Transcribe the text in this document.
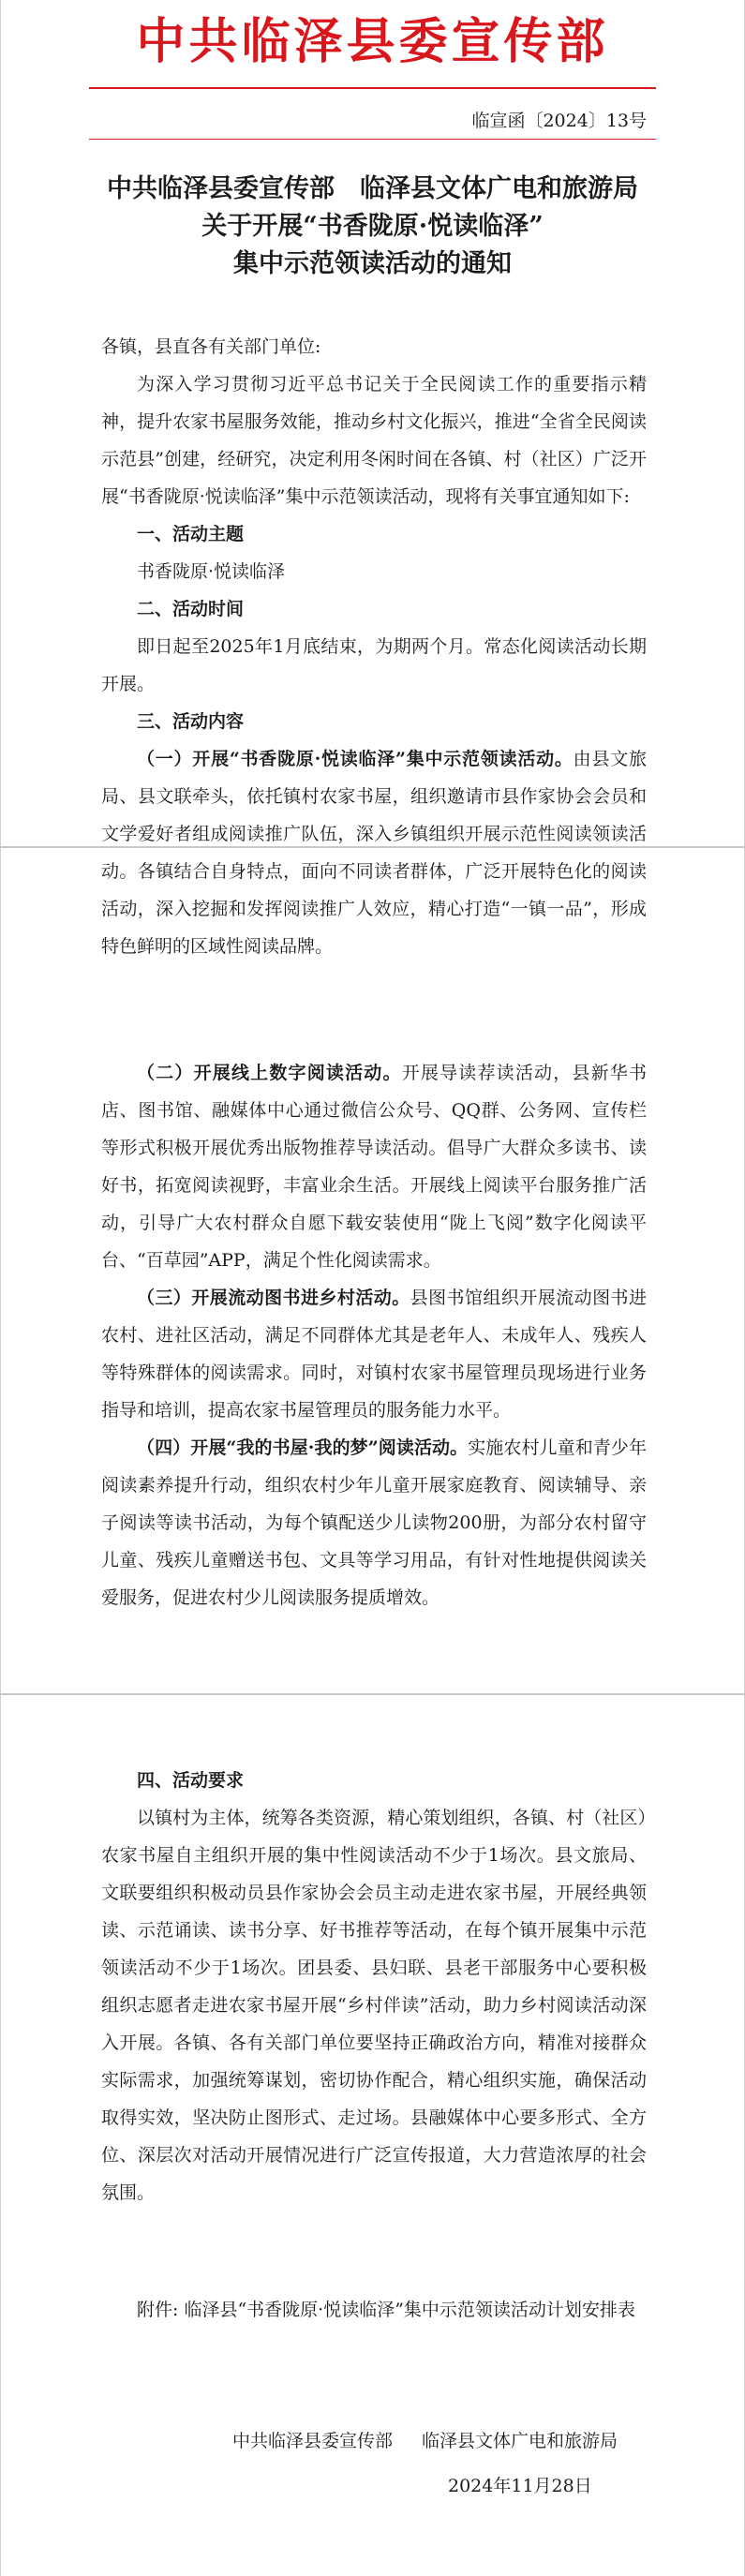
中共临泽县委宣传部
临宣函〔2024〕13号
中共临泽县委宣传部　临泽县文体广电和旅游局
关于开展“书香陇原·悦读临泽”
集中示范领读活动的通知

各镇，县直各有关部门单位:

为深入学习贯彻习近平总书记关于全民阅读工作的重要指示精神，提升农家书屋服务效能，推动乡村文化振兴，推进“全省全民阅读示范县”创建，经研究，决定利用冬闲时间在各镇、村（社区）广泛开展“书香陇原·悦读临泽”集中示范领读活动，现将有关事宜通知如下:

一、活动主题

书香陇原·悦读临泽

二、活动时间

即日起至2025年1月底结束，为期两个月。常态化阅读活动长期开展。

三、活动内容

（一）开展“书香陇原·悦读临泽”集中示范领读活动。由县文旅局、县文联牵头，依托镇村农家书屋，组织邀请市县作家协会会员和文学爱好者组成阅读推广队伍，深入乡镇组织开展示范性阅读领读活动。各镇结合自身特点，面向不同读者群体，广泛开展特色化的阅读活动，深入挖掘和发挥阅读推广人效应，精心打造“一镇一品”，形成特色鲜明的区域性阅读品牌。

（二）开展线上数字阅读活动。开展导读荐读活动，县新华书店、图书馆、融媒体中心通过微信公众号、QQ群、公务网、宣传栏等形式积极开展优秀出版物推荐导读活动。倡导广大群众多读书、读好书，拓宽阅读视野，丰富业余生活。开展线上阅读平台服务推广活动，引导广大农村群众自愿下载安装使用“陇上飞阅”数字化阅读平台、“百草园”APP，满足个性化阅读需求。

（三）开展流动图书进乡村活动。县图书馆组织开展流动图书进农村、进社区活动，满足不同群体尤其是老年人、未成年人、残疾人等特殊群体的阅读需求。同时，对镇村农家书屋管理员现场进行业务指导和培训，提高农家书屋管理员的服务能力水平。

（四）开展“我的书屋·我的梦”阅读活动。实施农村儿童和青少年阅读素养提升行动，组织农村少年儿童开展家庭教育、阅读辅导、亲子阅读等读书活动，为每个镇配送少儿读物200册，为部分农村留守儿童、残疾儿童赠送书包、文具等学习用品，有针对性地提供阅读关爱服务，促进农村少儿阅读服务提质增效。

四、活动要求

以镇村为主体，统筹各类资源，精心策划组织，各镇、村（社区）农家书屋自主组织开展的集中性阅读活动不少于1场次。县文旅局、文联要组织积极动员县作家协会会员主动走进农家书屋，开展经典领读、示范诵读、读书分享、好书推荐等活动，在每个镇开展集中示范领读活动不少于1场次。团县委、县妇联、县老干部服务中心要积极组织志愿者走进农家书屋开展“乡村伴读”活动，助力乡村阅读活动深入开展。各镇、各有关部门单位要坚持正确政治方向，精准对接群众实际需求，加强统筹谋划，密切协作配合，精心组织实施，确保活动取得实效，坚决防止图形式、走过场。县融媒体中心要多形式、全方位、深层次对活动开展情况进行广泛宣传报道，大力营造浓厚的社会氛围。

附件: 临泽县“书香陇原·悦读临泽”集中示范领读活动计划安排表
中共临泽县委宣传部 临泽县文体广电和旅游局
2024年11月28日
